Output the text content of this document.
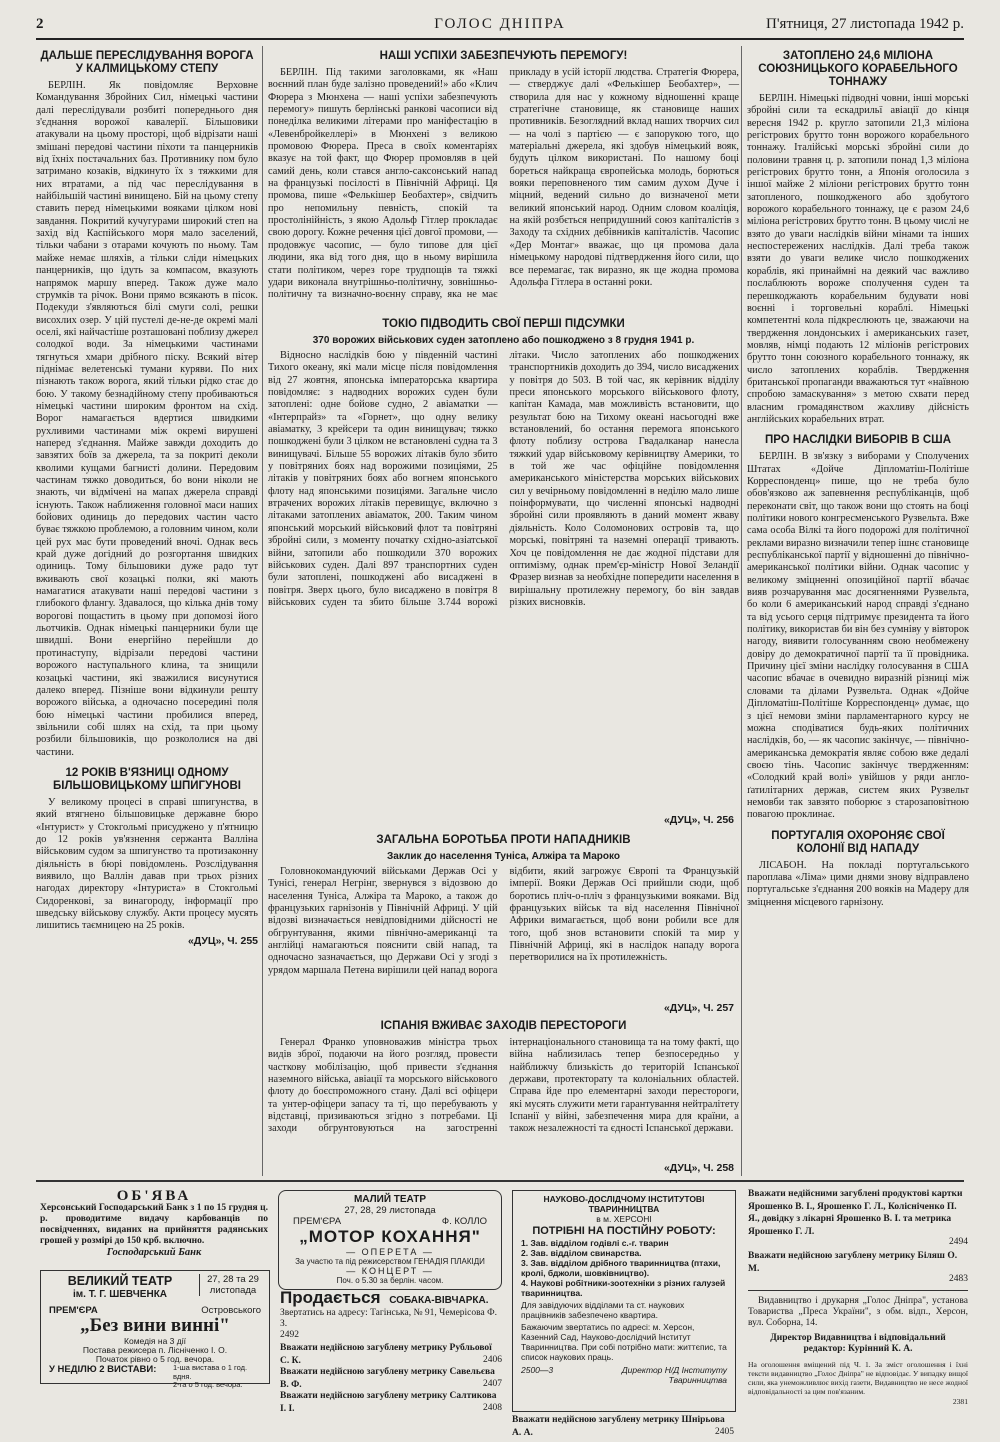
2	ГОЛОС ДНІПРА	П'ятниця, 27 листопада 1942 р.
ДАЛЬШЕ ПЕРЕСЛІДУВАННЯ ВОРОГА У КАЛМИЦЬКОМУ СТЕПУ

БЕРЛІН. Як повідомляє Верховне Командування Збройних Сил, німецькі частини далі переслідували розбиті попереднього дня з'єднання ворожої кавалерії. Більшовики атакували на цьому просторі, щоб відрізати наші змішані передові частини піхоти та панцерників від їхніх постачальних баз. Противнику пом було затримано козаків, відкинуто їх з тяжкими для них втратами, а під час переслідування в найбільшій частині винищено. Бій на цьому степу ставить перед німецькими вояками цілком нові завдання. Покритий кучугурами широкий степ на захід від Каспійського моря мало заселений, тільки чабани з отарами кочують по ньому. Там майже немає шляхів, а тільки сліди німецьких панцерників, що ідуть за компасом, вказують напрямок маршу вперед. Також дуже мало струмків та річок. Вони прямо всякають в пісок. Подекуди з'являються білі смуги солі, решки висохлих озер. У цій пустелі де-не-де окремі малі оселі, які найчастіше розташовані поблизу джерел солодкої води. За німецькими частинами тягнуться хмари дрібного піску. Всякий вітер піднімає велетенські тумани куряви. По них пізнають також ворога, який тільки рідко стає до бою. У такому безнадійному степу пробиваються німецькі частини широким фронтом на схід. Ворог намагається вдертися швидкими рухливими частинами між окремі вирушені наперед з'єднання. Майже завжди доходить до завзятих боїв за джерела, та за покриті деколи кволими кущами багнисті долини. Передовим частинам тяжко доводиться, бо вони ніколи не знають, чи відмічені на мапах джерела справді існують. Також наближення головної маси наших бойових одиниць до передових частин часто буває тяжкою проблемою, а головним чином, коли цей рух мас бути проведений вночі. Однак весь край дуже догідний до розгортання швидких одиниць. Тому більшовики дуже радо тут вживають свої козацькі полки, які мають намагатися атакувати наші передові частини з глибокого флангу. Здавалося, що кілька днів тому ворогові пощастить в цьому при допомозі його льотчиків. Однак німецькі панцерники були ще швидші. Вони енергійно перейшли до протинаступу, відрізали передові частини ворожого наступального клина, та знищили козацькі частини, які зважилися висунутися далеко вперед. Пізніше вони відкинули решту ворожого війська, а одночасно посередині поля бою німецькі частини пробилися вперед, звільнили собі шлях на схід, та при цьому розбили більшовиків, що розкололися на дві частини.

12 РОКІВ В'ЯЗНИЦІ ОДНОМУ БІЛЬШОВИЦЬКОМУ ШПИГУНОВІ

У великому процесі в справі шпигунства, в який втягнено більшовицьке державне бюро «Інтурист» у Стокгольмі присуджено у п'ятницю до 12 років ув'язнення сержанта Валліна військовим судом за шпигунство та протизаконну діяльність в бюрі повідомлень. Розслідування виявило, що Валлін давав при трьох різних нагодах директору «Інтуриста» в Стокгольмі Сидоренкові, за винагороду, інформації про шведську військову службу. Акти процесу мусять лишитись таємницею на 25 років.

«ДУЦ», Ч. 255
НАШІ УСПІХИ ЗАБЕЗПЕЧУЮТЬ ПЕРЕМОГУ!

БЕРЛІН. Під такими заголовками, як «Наш воєнний план буде залізно проведений!» або «Клич Фюрера з Мюнхена — наші успіхи забезпечують перемогу» пишуть берлінські ранкові часописи від понеділка великими літерами про маніфестацію в «Левенбройкеллері» в Мюнхені з великою промовою Фюрера. Преса в своїх коментаріях вказує на той факт, що Фюрер промовляв в цей самий день, коли стався англо-саксонський напад на французькі посілості в Північній Африці. Ця промова, пише «Фелькішер Беобахтер», свідчить про непомильну певність, спокій та простолінійність, з якою Адольф Гітлер прокладає свою дорогу. Кожне речення цієї довгої промови, — продовжує часопис, — було типове для цієї людини, яка від того дня, що в ньому вирішила стати політиком, через горе трудпощів та тяжкі удари виконала внутрішньо-політичну, зовнішньо-політичну та визначно-воєнну справу, яка не має прикладу в усій історії людства. Стратегія Фюрера, — стверджує далі «Фелькішер Беобахтер», — створила для нас у кожному відношенні краще стратегічне становище, як становище наших противників. Безоглядний вклад наших творчих сил — на чолі з партією — є запорукою того, що матеріальні джерела, які здобув німецький вояк, будуть цілком використані. По нашому боці бореться найкраща європейська молодь, борються вояки переповненого тим самим духом Дуче і міцний, ведений сильно до визначеної мети великий японський народ. Одним словом коаліція, на якій розбється непридушний союз капіталістів з Заходу та східних дебівників капіталістів. Часопис «Дер Монтаг» вважає, що ця промова дала німецькому народові підтвердження його сили, що все перемагає, так виразно, як ще жодна промова Адольфа Гітлера в останні роки.

ТОКІО ПІДВОДИТЬ СВОЇ ПЕРШІ ПІДСУМКИ
370 ворожих військових суден затоплено або пошкоджено з 8 грудня 1941 р.

Відносно наслідків бою у південній частині Тихого океану, які мали місце після повідомлення від 27 жовтня, японська імператорська квартира повідомляє: з надводних ворожих суден були затоплені: одне бойове судно, 2 авіаматки — «Інтерпрайз» та «Горнет», що одну велику авіаматку, 3 крейсери та один винищувач; тяжко пошкоджені були 3 цілком не встановлені судна та 3 винищувачі. Більше 55 ворожих літаків було збито у повітряних боях над ворожими позиціями, 25 літаків у повітряних боях або вогнем японського флоту над японськими позиціями. Загальне число втрачених ворожих літаків перевищує, включно з літаками затоплених авіаматок, 200. Таким чином японський морський військовий флот та повітряні збройні сили, з моменту початку східно-азіатської війни, затопили або пошкодили 370 ворожих військових суден. Далі 897 транспортних суден були затоплені, пошкоджені або висаджені в повітря. Зверх цього, було висаджено в повітря 8 військових суден та збито більше 3.744 ворожі літаки. Число затоплених або пошкоджених транспортників доходить до 394, число висаджених у повітря до 503. В той час, як керівник відділу преси японського морського військового флоту, капітан Камада, мав можливість встановити, що результат бою на Тихому океані насьогодні вже встановлений, бо остання перемога японського флоту поблизу острова Гвадалканар нанесла тяжкий удар військовому керівництву Америки, то в той же час офіційне повідомлення американського міністерства морських військових сил у вечірньому повідомленні в неділю мало лише поінформувати, що численні японські надводні збройні сили проявляють в даний момент жваву діяльність. Коло Соломонових островів та, що морські, повітряні та наземні операції тривають. Хоч це повідомлення не дає жодної підстави для оптимізму, однак прем'єр-міністр Нової Зеландії Фразер визнав за необхідне попередити населення в вирішальну протилежну перемогу, бо він завдав різких висновків.

«ДУЦ», Ч. 256
ЗАГАЛЬНА БОРОТЬБА ПРОТИ НАПАДНИКІВ
Заклик до населення Туніса, Алжіра та Мароко

Головнокомандуючий військами Держав Осі у Тунісі, генерал Негрінг, звернувся з відозвою до населення Туніса, Алжіра та Мароко, а також до французьких гарнізонів у Північній Африці. У цій відозві визначається невідповідними дійсності не обгрунтування, якими північно-американці та англійці намагаються пояснити свій напад, та одночасно зазначається, що Держави Осі у згоді з урядом маршала Петена вирішили цей напад ворога відбити, який загрожує Європі та Французькій імперії. Вояки Держав Осі прийшли сюди, щоб боротись пліч-о-пліч з французькими вояками. Від французьких військ та від населення Північної Африки вимагається, щоб вони робили все для того, щоб знов встановити спокій та мир у Північній Африці, які в наслідок нападу ворога перетворилися на їх протилежність.

«ДУЦ», Ч. 257
ІСПАНІЯ ВЖИВАЄ ЗАХОДІВ ПЕРЕСТОРОГИ

Генерал Франко уповноважив міністра трьох видів зброї, подаючи на його розгляд, провести часткову мобілізацію, щоб привести з'єднання наземного війська, авіації та морського військового флоту до боєспроможного стану. Далі всі офіцери та унтер-офіцери запасу та ті, що перебувають у відставці, призиваються згідно з потребами. Ці заходи обгрунтовуються на загостренні інтернаціонального становища та на тому факті, що війна наблизилась тепер безпосередньо у найближчу близькість до територій Іспанської держави, протекторату та колоніальних областей. Справа йде про елементарні заходи перестороги, які мусять служити мети гарантування нейтралітету Іспанії у війні, забезпечення мира для країни, а також незалежності та єдності Іспанської держави.

«ДУЦ», Ч. 258
ЗАТОПЛЕНО 24,6 МІЛІОНА СОЮЗНИЦЬКОГО КОРАБЕЛЬНОГО ТОННАЖУ

БЕРЛІН. Німецькі підводні човни, інші морські збройні сили та ескадрильї авіації до кінця вересня 1942 р. кругло затопили 21,3 міліона регістрових брутто тонн ворожого корабельного тоннажу. Італійські морські збройні сили до половини травня ц. р. затопили понад 1,3 міліона регістрових брутто тонн, а Японія оголосила з іншої майже 2 міліони регістрових брутто тонн затопленого, пошкодженого або здобутого ворожого корабельного тоннажу, це є разом 24,6 міліона регістрових брутто тонн. В цьому числі не взято до уваги наслідків війни мінами та інших неспостережених наслідків. Далі треба також взяти до уваги велике число пошкоджених кораблів, які принаймні на деякий час важливо послаблюють вороже сполучення суден та перешкоджають корабельним будувати нові воєнні і торговельні кораблі. Німецькі компетентні кола підкреслюють це, зважаючи на твердження лондонських і американських газет, мовляв, німці подають 12 міліонів регістрових брутто тонн союзного корабельного тоннажу, як число затоплених кораблів. Твердження британської пропаганди вважаються тут «наївною спробою замаскування» з метою схвати перед власним громадянством жахливу дійсність англійських корабельних втрат.

ПРО НАСЛІДКИ ВИБОРІВ В США

БЕРЛІН. В зв'язку з виборами у Сполучених Штатах «Дойче Діпломатіш-Політіше Корреспонденц» пише, що не треба було обов'язково аж запевнення республіканців, щоб переконати світ, що також вони що стоять на боці політики нового конгресменського Рузвельта. Вже сама особа Вілкі та його подорожі для політичної реклами виразно визначили тепер ішнє становище республіканської партії у відношенні до північно-американської політики війни. Однак часопис у великому зміцненні опозиційної партії вбачає вияв розчарування мас досягненнями Рузвельта, бо коли 6 американський народ справді з'єднано та від усього серця підтримує президента та його політику, використав би він без сумніву у вівторок нагоду, виявити голосуванням свою необмежену довіру до демократичної партії та її провідника. Причину цієї зміни наслідку голосування в США часопис вбачає в очевидно виразній різниці між словами та ділами Рузвельта. Однак «Дойче Діпломатіш-Політіше Корреспонденц» думає, що з цієї немови зміни парламентарного курсу не можна сподіватися будь-яких політичних наслідків, бо, — як часопис закінчує, — північно-американська демократія являє собою вже дедалі своєю тінь. Часопис закінчує твердженням: «Солодкий край волі» увійшов у ряди англо-ґатилітарних держав, систем яких Рузвельт немовби так завзято поборює з старозаповітною повагою проклинає.

ПОРТУГАЛІЯ ОХОРОНЯЄ СВОЇ КОЛОНІЇ ВІД НАПАДУ

ЛІСАБОН. На покладі португальського пароплава «Ліма» цими днями знову відправлено португальське з'єднання 200 вояків на Мадеру для зміцнення місцевого гарнізону.

ОБ'ЯВА
Херсонський Господарський Банк з 1 по 15 грудня ц. р. проводитиме видачу карбованців по посвідченнях, виданих на прийняття радянських грошей у розмірі до 150 крб. включно.
Господарський Банк
ВЕЛИКИЙ ТЕАТР
ім. Т. Г. ШЕВЧЕНКА
27, 28 та 29 листопада
ПРЕМ'ЄРА	Островського
„Без вини винні"
Комедія на 3 дії
Постава режисера п. Лісніченко І. О.
Початок рівно о 5 год. вечора.
У НЕДІЛЮ 2 ВИСТАВИ: 1-ша вистава о 1 год. вдня.
2-га о 5 год. вечора.
МАЛИЙ ТЕАТР
27, 28, 29 листопада
ПРЕМ'ЄРА	Ф. КОЛЛО
„МОТОР КОХАННЯ"
— ОПЕРЕТА —
За участю та під режисерством ГЕНАДІЯ ПЛАКІДИ
— КОНЦЕРТ —
Поч. о 5.30 за берлін. часом.
Продається СОБАКА-ВІВЧАРКА.
Звертатись на адресу: Тагінська, № 91, Чемерісова Ф. З.
2492
Вважати недійсною загублену метрику Рубльової С. К.	2406
Вважати недійсною загублену метрику Савельєва В. Ф.	2407
Вважати недійсною загублену метрику Салтикова І. І.	2408
НАУКОВО-ДОСЛІДЧОМУ ІНСТИТУТОВІ ТВАРИННИЦТВА
в м. ХЕРСОНІ
ПОТРІБНІ НА ПОСТІЙНУ РОБОТУ:
1. Зав. відділом годівлі с.-г. тварин
2. Зав. відділом свинарства.
3. Зав. відділом дрібного тваринництва (птахи, кролі, бджоли, шовківництво).
4. Наукові робітники-зоотехніки з різних галузей тваринництва.
Для завідуючих відділами та ст. наукових працівників забезпечено квартира.
Бажаючим звертатись по адресі: м. Херсон, Казенний Сад, Науково-дослідчий Інститут Тваринництва. При собі потрібно мати: життєпис, та список наукових праць.
2500—3	Директор Н/Д Інституту Тваринництва
Вважати недійсною загублену метрику Шнірьова А. А.	2405
Вважати недійсними загублені продуктові картки Ярошенко В. І., Ярошенко Г. Л., Колісніченко П. Я., довідку з лікарні Ярошенко В. І. та метрика Ярошенко Г. Л.
2494
Вважати недійсною загублену метрику Біляш О. М.
2483
Видавництво і друкарня „Голос Дніпра", установа Товариства „Преса України", з обм. відп., Херсон, вул. Соборна, 14.
Директор Видавництва і відповідальний редактор: Курінний К. А.
На оголошення вміщений під Ч. 1. За зміст оголошення і їхні тексти видавництво „Голос Дніпра" не відповідає. У випадку вищої сили, яка унеможливлює вихід газети, Видавництво не несе жодної відповідальності за цим пов'язаним.
2381
